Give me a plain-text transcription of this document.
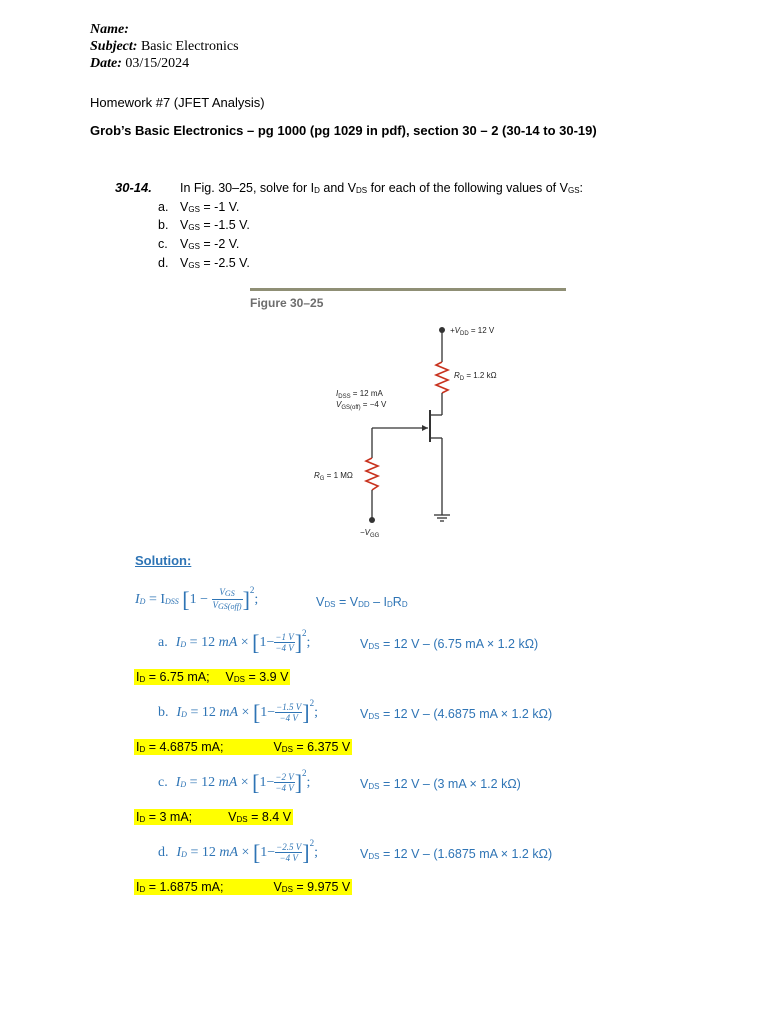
Name:
Subject: Basic Electronics
Date: 03/15/2024
Homework #7 (JFET Analysis)
Grob’s Basic Electronics – pg 1000 (pg 1029 in pdf), section 30 – 2 (30-14 to 30-19)
30-14. In Fig. 30–25, solve for ID and VDS for each of the following values of VGS:
a. VGS = -1 V.
b. VGS = -1.5 V.
c. VGS = -2 V.
d. VGS = -2.5 V.
Figure 30–25
$+V_{DD} = 12$ V
$R_D = 1.2$ kΩ
$I_{DSS} = 12$ mA
$V_{GS(off)} = -4$ V
$R_G = 1$ MΩ
$-V_{GG}$
Solution:
ID = IDSS $[1 - \frac{\text{VGS}}{\text{VGS(off)}} ]^2$;	VDS = VDD – IDRD
a. ID = 12 mA × $[1- \frac{-1 V}{-4 V} ]^2$;	VDS = 12 V – (6.75 mA × 1.2 kΩ)
ID = 6.75 mA; VDS = 3.9 V
b. ID = 12 mA × $[1- \frac{-1.5 V}{-4 V} ]^2$;	VDS = 12 V – (4.6875 mA × 1.2 kΩ)
ID = 4.6875 mA;	VDS = 6.375 V
c. ID = 12 mA × $[1- \frac{-2 V}{-4 V} ]^2$;	VDS = 12 V – (3 mA × 1.2 kΩ)
ID = 3 mA;	VDS = 8.4 V
d. ID = 12 mA × $[1- \frac{-2.5 V}{-4 V} ]^2$;	VDS = 12 V – (1.6875 mA × 1.2 kΩ)
ID = 1.6875 mA;	VDS = 9.975 V
